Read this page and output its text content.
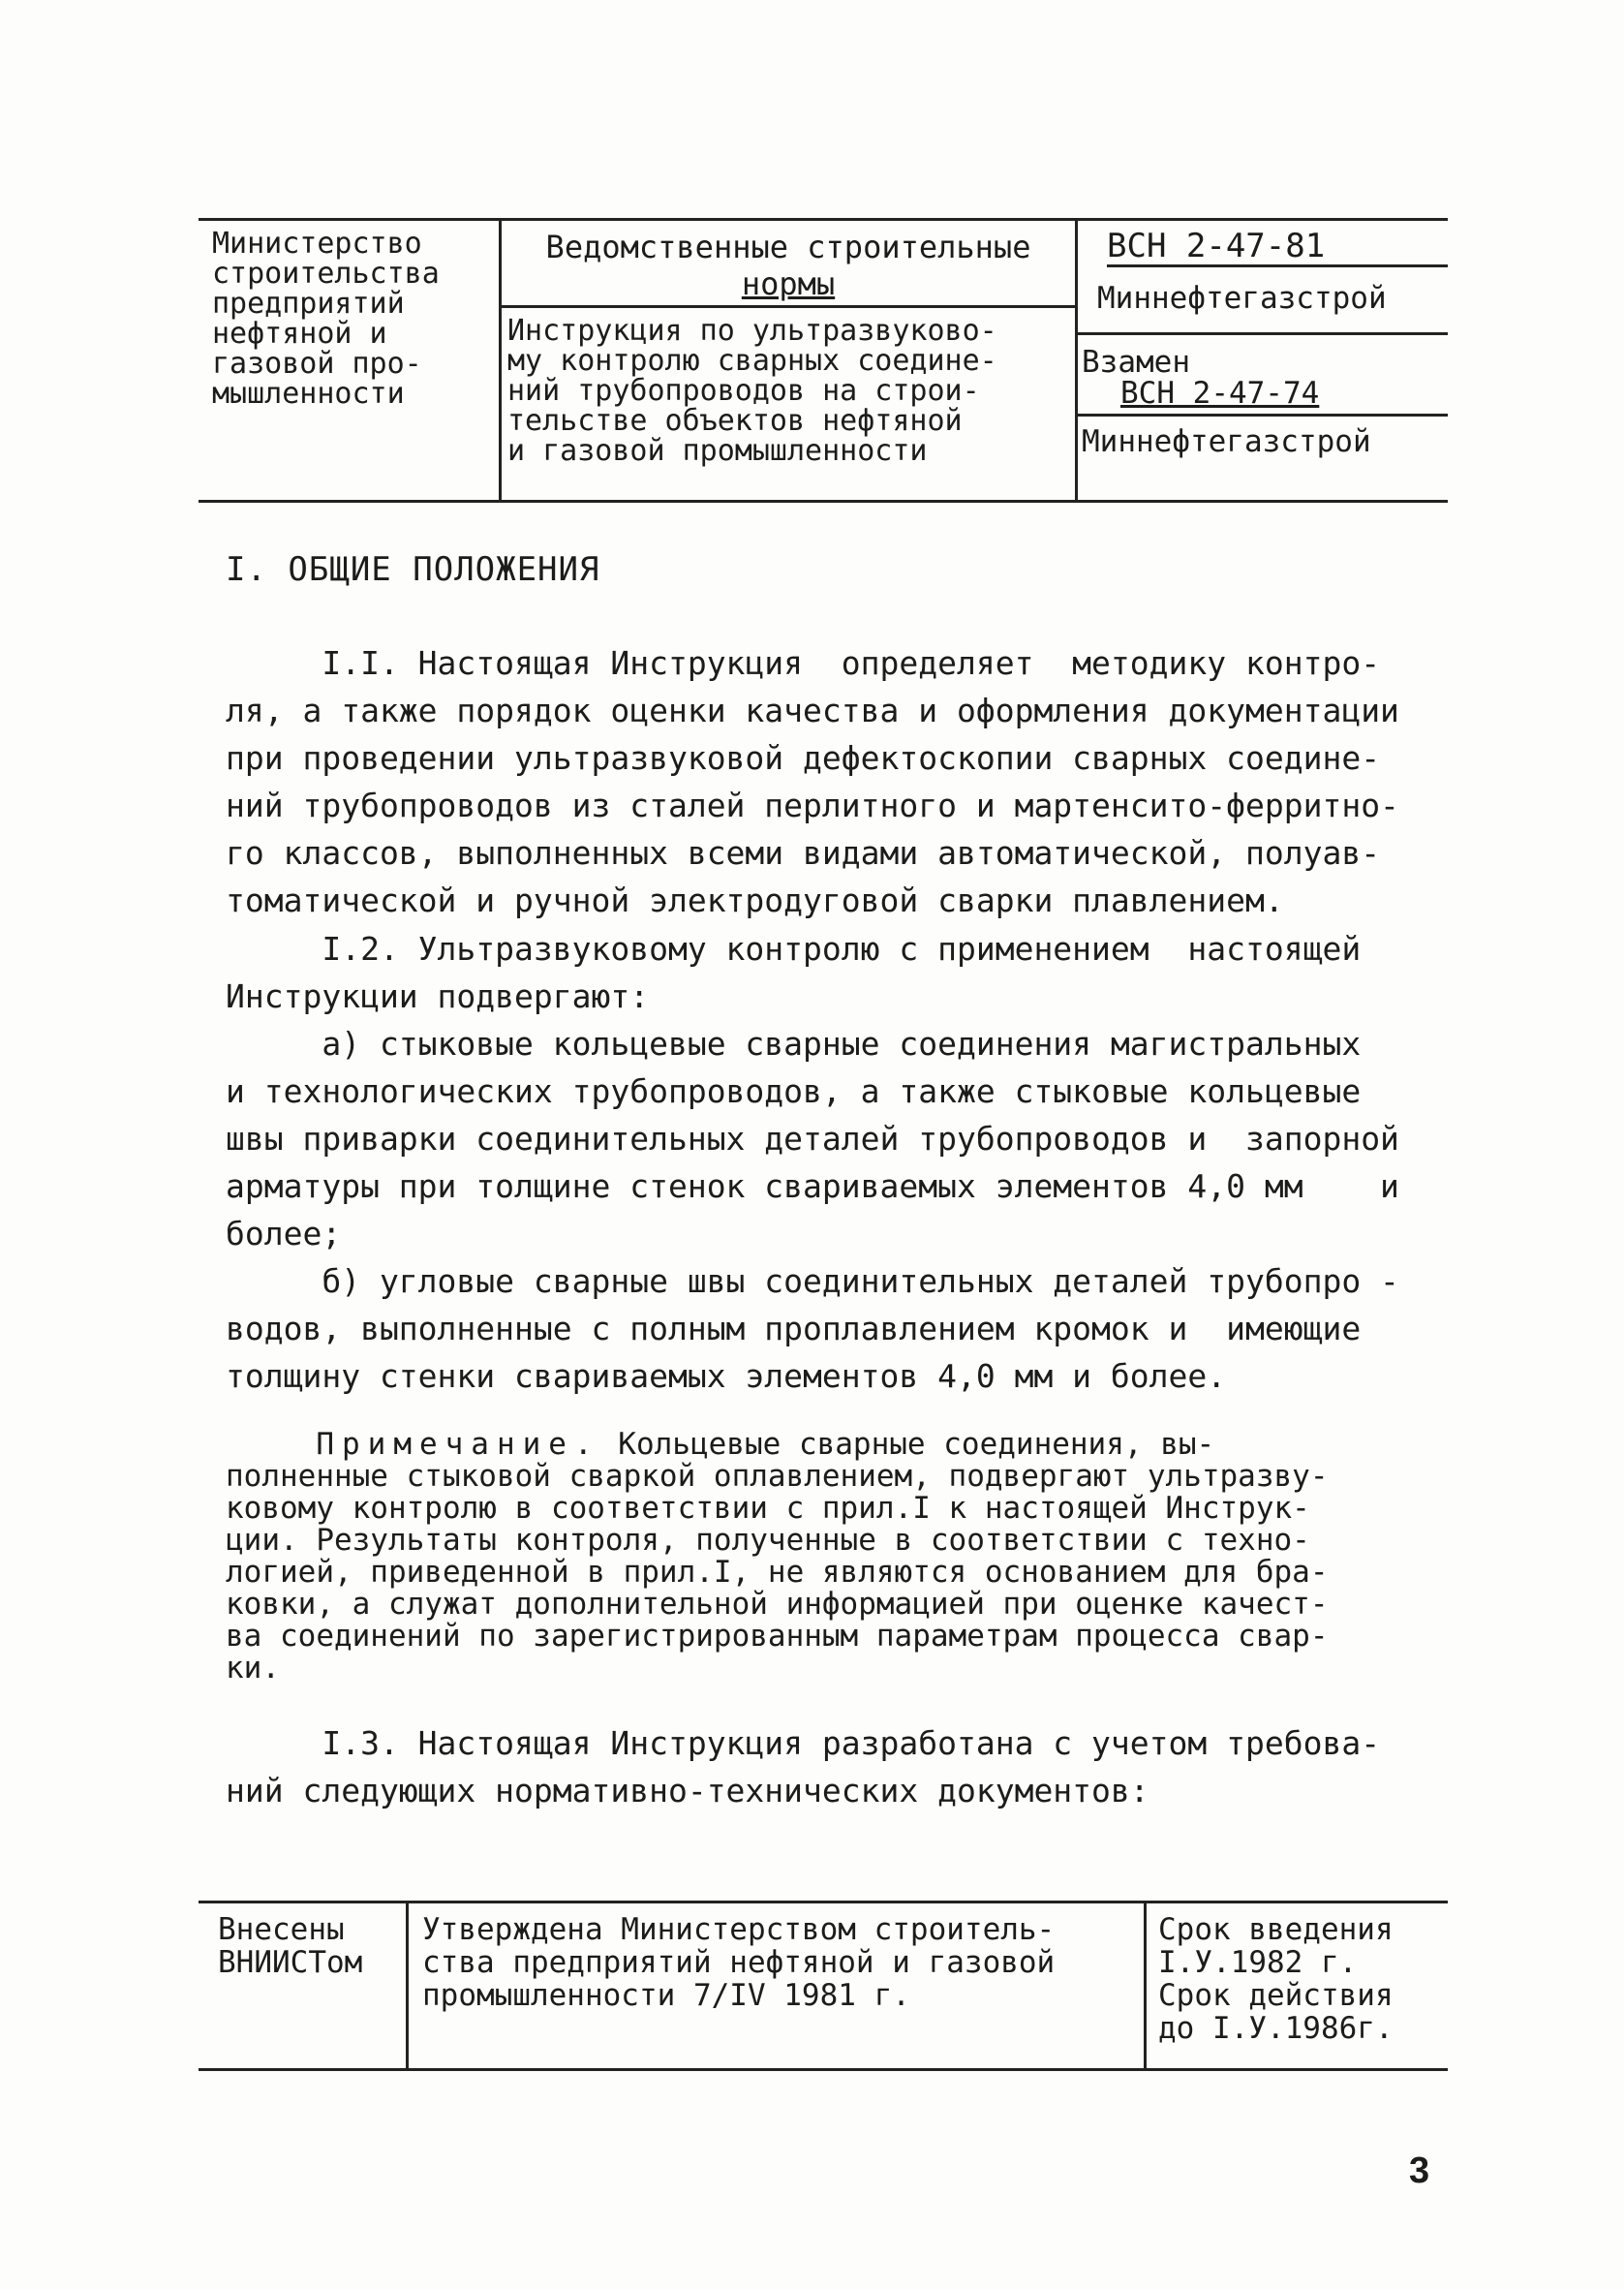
Министерство
строительства
предприятий
нефтяной и
газовой про-
мышленности
Ведомственные строительные
нормы
Инструкция по ультразвуково-
му контролю сварных соедине-
ний трубопроводов на строи-
тельстве объектов нефтяной
и газовой промышленности
ВСН 2-47-81
Миннефтегазстрой
Взамен
ВСН 2-47-74
Миннефтегазстрой
I. ОБЩИЕ ПОЛОЖЕНИЯ
I.I. Настоящая Инструкция  определяет  методику контро-
ля, а также порядок оценки качества и оформления документации
при проведении ультразвуковой дефектоскопии сварных соедине-
ний трубопроводов из сталей перлитного и мартенсито-ферритно-
го классов, выполненных всеми видами автоматической, полуав-
томатической и ручной электродуговой сварки плавлением.
I.2. Ультразвуковому контролю с применением  настоящей
Инструкции подвергают:
а) стыковые кольцевые сварные соединения магистральных
и технологических трубопроводов, а также стыковые кольцевые
швы приварки соединительных деталей трубопроводов и  запорной
арматуры при толщине стенок свариваемых элементов 4,0 мм    и
более;
б) угловые сварные швы соединительных деталей трубопро -
водов, выполненные с полным проплавлением кромок и  имеющие
толщину стенки свариваемых элементов 4,0 мм и более.
Примечание. Кольцевые сварные соединения, вы-
полненные стыковой сваркой оплавлением, подвергают ультразву-
ковому контролю в соответствии с прил.I к настоящей Инструк-
ции. Результаты контроля, полученные в соответствии с техно-
логией, приведенной в прил.I, не являются основанием для бра-
ковки, а служат дополнительной информацией при оценке качест-
ва соединений по зарегистрированным параметрам процесса свар-
ки.
I.3. Настоящая Инструкция разработана с учетом требова-
ний следующих нормативно-технических документов:
Внесены
ВНИИСТом
Утверждена Министерством строитель-
ства предприятий нефтяной и газовой
промышленности 7/IV 1981 г.
Срок введения
I.У.1982 г.
Срок действия
до I.У.1986г.
3
